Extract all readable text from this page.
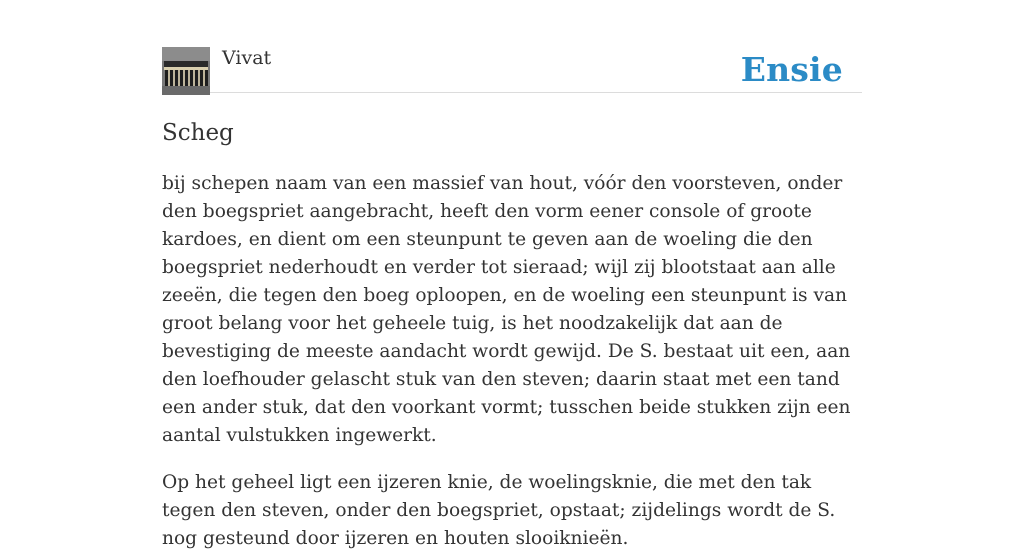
Vivat	Ensie
Scheg

bij schepen naam van een massief van hout, vóór den voorsteven, onder den boegspriet aangebracht, heeft den vorm eener console of groote kardoes, en dient om een steunpunt te geven aan de woeling die den boegspriet nederhoudt en verder tot sieraad; wijl zij blootstaat aan alle zeeën, die tegen den boeg oploopen, en de woeling een steunpunt is van groot belang voor het geheele tuig, is het noodzakelijk dat aan de bevestiging de meeste aandacht wordt gewijd. De S. bestaat uit een, aan den loefhouder gelascht stuk van den steven; daarin staat met een tand een ander stuk, dat den voorkant vormt; tusschen beide stukken zijn een aantal vulstukken ingewerkt.

Op het geheel ligt een ijzeren knie, de woelingsknie, die met den tak tegen den steven, onder den boegspriet, opstaat; zijdelings wordt de S. nog gesteund door ijzeren en houten slooiknieën.
